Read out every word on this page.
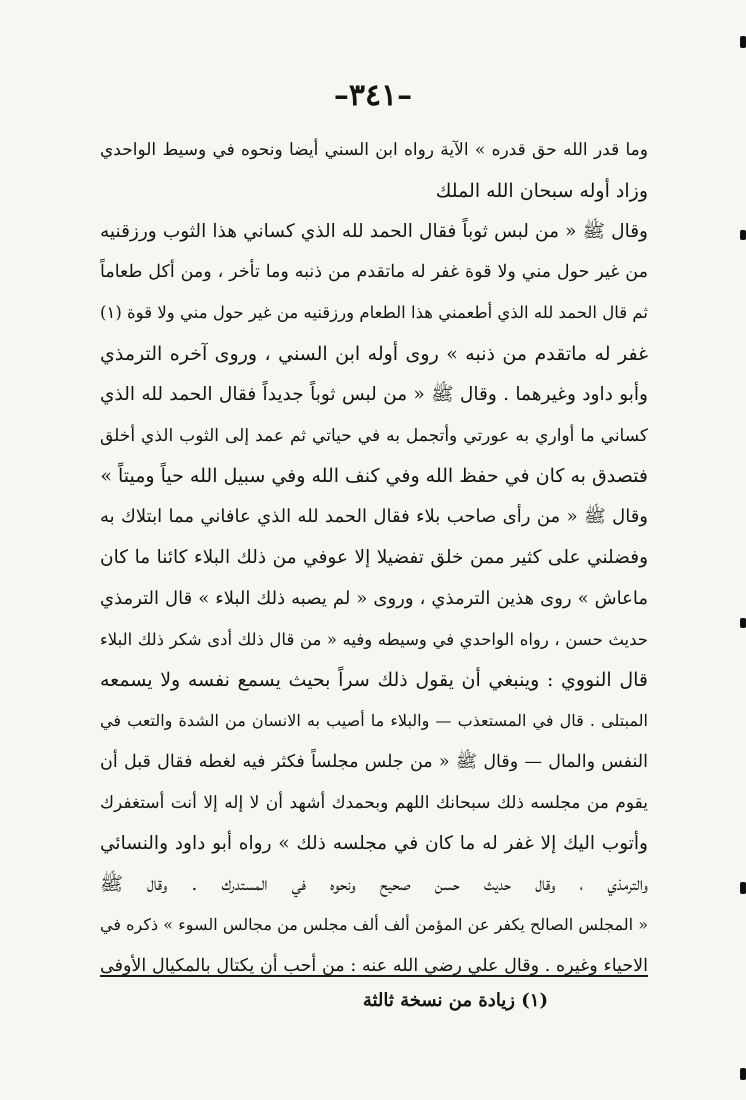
–٣٤١–
وما قدر الله حق قدره » الآية رواه ابن السني أيضا ونحوه في وسيط الواحدي
وزاد أوله سبحان الله الملك
وقال ﷺ « من لبس ثوباً فقال الحمد لله الذي كساني هذا الثوب ورزقنيه
من غير حول مني ولا قوة غفر له ماتقدم من ذنبه وما تأخر ، ومن أكل طعاماً
ثم قال الحمد لله الذي أطعمني هذا الطعام ورزقنيه من غير حول مني ولا قوة (١)
غفر له ماتقدم من ذنبه » روى أوله ابن السني ، وروى آخره الترمذي
وأبو داود وغيرهما . وقال ﷺ « من لبس ثوباً جديداً فقال الحمد لله الذي
كساني ما أواري به عورتي وأتجمل به في حياتي ثم عمد إلى الثوب الذي أخلق
فتصدق به كان في حفظ الله وفي كنف الله وفي سبيل الله حياً وميتاً »
وقال ﷺ « من رأى صاحب بلاء فقال الحمد لله الذي عافاني مما ابتلاك به
وفضلني على كثير ممن خلق تفضيلا إلا عوفي من ذلك البلاء كائنا ما كان
ماعاش » روى هذين الترمذي ، وروى « لم يصبه ذلك البلاء » قال الترمذي
حديث حسن ، رواه الواحدي في وسيطه وفيه « من قال ذلك أدى شكر ذلك البلاء
قال النووي : وينبغي أن يقول ذلك سراً بحيث يسمع نفسه ولا يسمعه
المبتلى . قال في المستعذب — والبلاء ما أصيب به الانسان من الشدة والتعب في
النفس والمال — وقال ﷺ « من جلس مجلساً فكثر فيه لغطه فقال قبل أن
يقوم من مجلسه ذلك سبحانك اللهم وبحمدك أشهد أن لا إله إلا أنت أستغفرك
وأتوب اليك إلا غفر له ما كان في مجلسه ذلك » رواه أبو داود والنسائي
والترمذي ، وقال حديث حسن صحيح ونحوه في المستدرك . وقال ﷺ
« المجلس الصالح يكفر عن المؤمن ألف ألف مجلس من مجالس السوء » ذكره في
الاحياء وغيره . وقال علي رضي الله عنه : من أحب أن يكتال بالمكيال الأوفى
(١) زيادة من نسخة ثالثة
